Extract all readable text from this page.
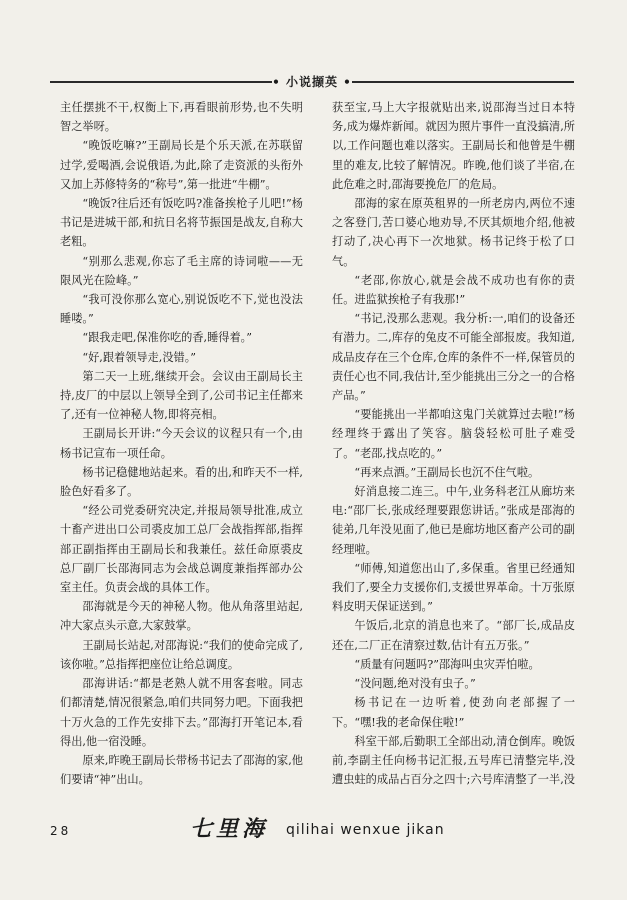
• 小说撷英 •

主任摆挑不干,权衡上下,再看眼前形势,也不失明智之举呀。

“晚饭吃嘛?”王副局长是个乐天派,在苏联留过学,爱喝酒,会说俄语,为此,除了走资派的头衔外又加上苏修特务的“称号”,第一批进“牛棚”。

“晚饭?往后还有饭吃吗?准备挨枪子儿吧!”杨书记是进城干部,和抗日名将节振国是战友,自称大老粗。

“别那么悲观,你忘了毛主席的诗词啦——无限风光在险峰。”

“我可没你那么宽心,别说饭吃不下,觉也没法睡喽。”

“跟我走吧,保准你吃的香,睡得着。”

“好,跟着领导走,没错。”

第二天一上班,继续开会。会议由王副局长主持,皮厂的中层以上领导全到了,公司书记主任都来了,还有一位神秘人物,即将亮相。

王副局长开讲:“今天会议的议程只有一个,由杨书记宣布一项任命。

杨书记稳健地站起来。看的出,和昨天不一样,脸色好看多了。

“经公司党委研究决定,并报局领导批准,成立十畜产进出口公司裘皮加工总厂会战指挥部,指挥部正副指挥由王副局长和我兼任。兹任命原裘皮总厂副厂长邵海同志为会战总调度兼指挥部办公室主任。负责会战的具体工作。

邵海就是今天的神秘人物。他从角落里站起,冲大家点头示意,大家鼓掌。

王副局长站起,对邵海说:“我们的使命完成了,该你啦。”总指挥把座位让给总调度。

邵海讲话:“都是老熟人就不用客套啦。同志们都清楚,情况很紧急,咱们共同努力吧。下面我把十万火急的工作先安排下去。”邵海打开笔记本,看得出,他一宿没睡。

原来,昨晚王副局长带杨书记去了邵海的家,他们要请“神”出山。

获至宝,马上大字报就贴出来,说邵海当过日本特务,成为爆炸新闻。就因为照片事件一直没搞清,所以,工作问题也难以落实。王副局长和他曾是牛棚里的难友,比较了解情况。昨晚,他们谈了半宿,在此危难之时,邵海要挽危厂的危局。

邵海的家在原英租界的一所老房内,两位不速之客登门,苦口婆心地劝导,不厌其烦地介绍,他被打动了,决心再下一次地狱。杨书记终于松了口气。

“老邵,你放心,就是会战不成功也有你的责任。进监狱挨枪子有我那!”

“书记,没那么悲观。我分析:一,咱们的设备还有潜力。二,库存的兔皮不可能全部报废。我知道,成品皮存在三个仓库,仓库的条件不一样,保管员的责任心也不同,我估计,至少能挑出三分之一的合格产品。”

“要能挑出一半都咱这鬼门关就算过去啦!”杨经理终于露出了笑容。脑袋轻松可肚子难受了。“老邵,找点吃的。”

“再来点酒。”王副局长也沉不住气啦。

好消息接二连三。中午,业务科老江从廊坊来电:“邵厂长,张成经理要跟您讲话。”张成是邵海的徒弟,几年没见面了,他已是廊坊地区畜产公司的副经理啦。

“师傅,知道您出山了,多保重。省里已经通知我们了,要全力支援你们,支援世界革命。十万张原料皮明天保证送到。”

午饭后,北京的消息也来了。“部厂长,成品皮还在,二厂正在清察过数,估计有五万张。”

“质量有问题吗?”邵海叫虫灾弄怕啦。

“没问题,绝对没有虫子。”

杨书记在一边听着,使劲向老部握了一下。“嘿!我的老命保住啦!”

科室干部,后勤职工全部出动,清仓倒库。晚饭前,李副主任向杨书记汇报,五号库已清整完毕,没遭虫蛀的成品占百分之四十;六号库清整了一半,没

28	七里海 qilihai wenxue jikan
